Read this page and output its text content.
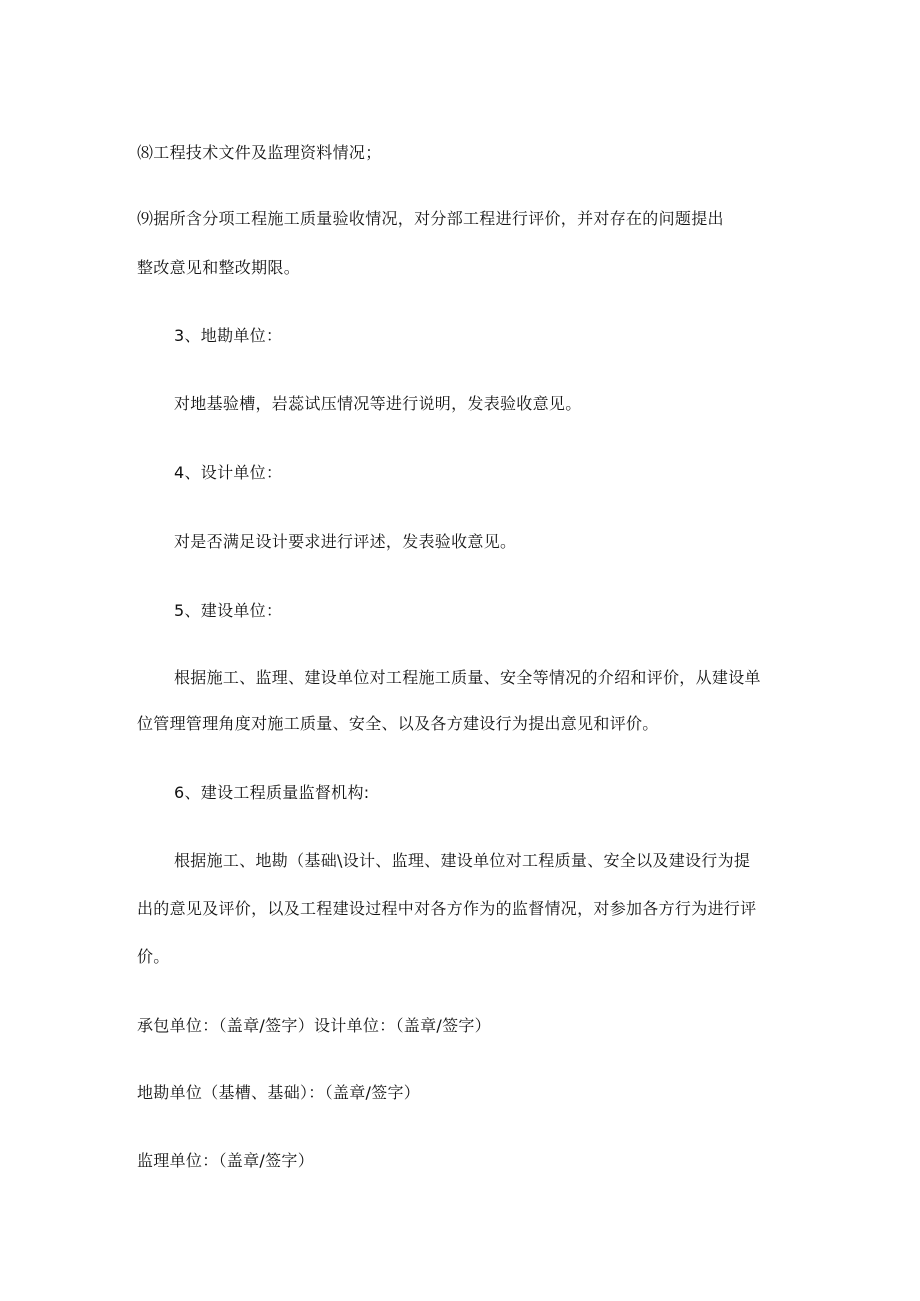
⑻工程技术文件及监理资料情况；
⑼据所含分项工程施工质量验收情况，对分部工程进行评价，并对存在的问题提出
整改意见和整改期限。
3、地勘单位：
对地基验槽，岩蕊试压情况等进行说明，发表验收意见。
4、设计单位：
对是否满足设计要求进行评述，发表验收意见。
5、建设单位：
根据施工、监理、建设单位对工程施工质量、安全等情况的介绍和评价，从建设单
位管理管理角度对施工质量、安全、以及各方建设行为提出意见和评价。
6、建设工程质量监督机构:
根据施工、地勘（基础\设计、监理、建设单位对工程质量、安全以及建设行为提
出的意见及评价，以及工程建设过程中对各方作为的监督情况，对参加各方行为进行评
价。
承包单位：（盖章/签字）设计单位：（盖章/签字）
地勘单位（基槽、基础）：（盖章/签字）
监理单位：（盖章/签字）
